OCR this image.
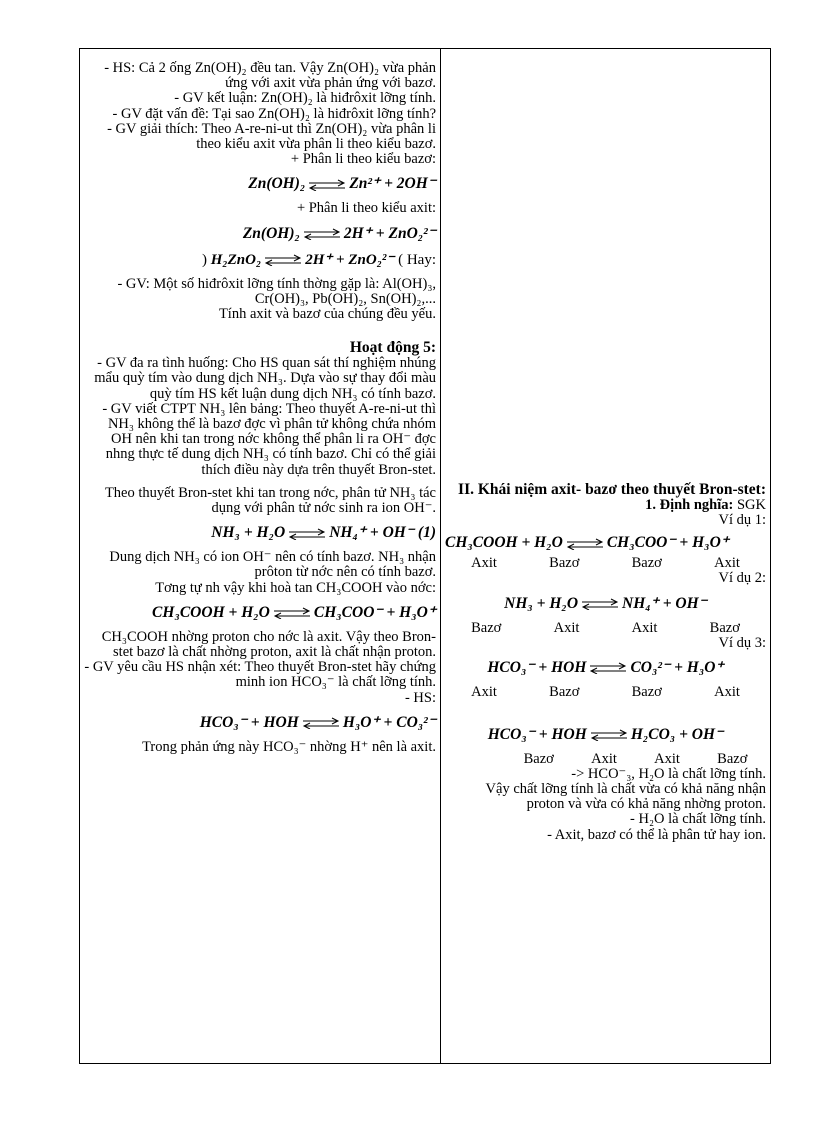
- HS: Cả 2 ống Zn(OH)₂ đều tan. Vậy Zn(OH)₂ vừa phản ứng với axit vừa phản ứng với bazơ.

- GV kết luận: Zn(OH)₂ là hiđrôxit lỡng tính.

- GV đặt vấn đề: Tại sao Zn(OH)₂ là hiđrôxit lỡng tính?

- GV giải thích: Theo A-re-ni-ut thì Zn(OH)₂ vừa phân li theo kiểu axit vừa phân li theo kiểu bazơ.

+ Phân li theo kiểu bazơ:

Zn(OH)₂ ⇌ Zn²⁺ + 2OH⁻

+ Phân li theo kiểu axit:

Zn(OH)₂ ⇌ 2H⁺ + ZnO₂²⁻
) H₂ZnO₂ ⇌ 2H⁺ + ZnO₂²⁻ ( Hay:

- GV: Một số hiđrôxit lỡng tính thờng gặp là: Al(OH)₃, Cr(OH)₃, Pb(OH)₂, Sn(OH)₂,...

Tính axit và bazơ của chúng đều yếu.

Hoạt động 5:

- GV đa ra tình huống: Cho HS quan sát thí nghiệm nhúng mẩu quỳ tím vào dung dịch NH₃. Dựa vào sự thay đổi màu quỳ tím HS kết luận dung dịch NH₃ có tính bazơ.

- GV viết CTPT NH₃ lên bảng: Theo thuyết A-re-ni-ut thì NH₃ không thể là bazơ đợc vì phân tử không chứa nhóm OH nên khi tan trong nớc không thể phân li ra OH⁻ đợc nhng thực tế dung dịch NH₃ có tính bazơ. Chỉ có thể giải thích điều này dựa trên thuyết Bron-stet.

Theo thuyết Bron-stet khi tan trong nớc, phân tử NH₃ tác dụng với phân tử nớc sinh ra ion OH⁻.

NH₃ + H₂O ⇌ NH₄⁺ + OH⁻ (1)

Dung dịch NH₃ có ion OH⁻ nên có tính bazơ. NH₃ nhận prôton từ nớc nên có tính bazơ.

Tơng tự nh vậy khi hoà tan CH₃COOH vào nớc:

CH₃COOH + H₂O ⇌ CH₃COO⁻ + H₃O⁺

CH₃COOH nhờng proton cho nớc là axit. Vậy theo Bron-stet bazơ là chất nhờng proton, axit là chất nhận proton.

- GV yêu cầu HS nhận xét: Theo thuyết Bron-stet hãy chứng minh ion HCO₃⁻ là chất lỡng tính.

- HS:

HCO₃⁻ + HOH ⇌ H₃O⁺ + CO₃²⁻

Trong phản ứng này HCO₃⁻ nhờng H⁺ nên là axit.

II. Khái niệm axit- bazơ theo thuyết Bron-stet:

1. Định nghĩa: SGK

Ví dụ 1:

CH₃COOH + H₂O ⇌ CH₃COO⁻ + H₃O⁺
Axit	Bazơ	Bazơ	Axit

Ví dụ 2:

NH₃ + H₂O ⇌ NH₄⁺ + OH⁻
Bazơ	Axit	Axit	Bazơ

Ví dụ 3:

HCO₃⁻ + HOH ⇌ CO₃²⁻ + H₃O⁺
Axit	Bazơ	Bazơ	Axit
HCO₃⁻ + HOH ⇌ H₂CO₃ + OH⁻
Bazơ	Axit	Axit	Bazơ

-> HCO⁻₃, H₂O là chất lỡng tính.

Vậy chất lỡng tính là chất vừa có khả năng nhận proton và vừa có khả năng nhờng proton.

- H₂O là chất lỡng tính.

- Axit, bazơ có thể là phân tử hay ion.
